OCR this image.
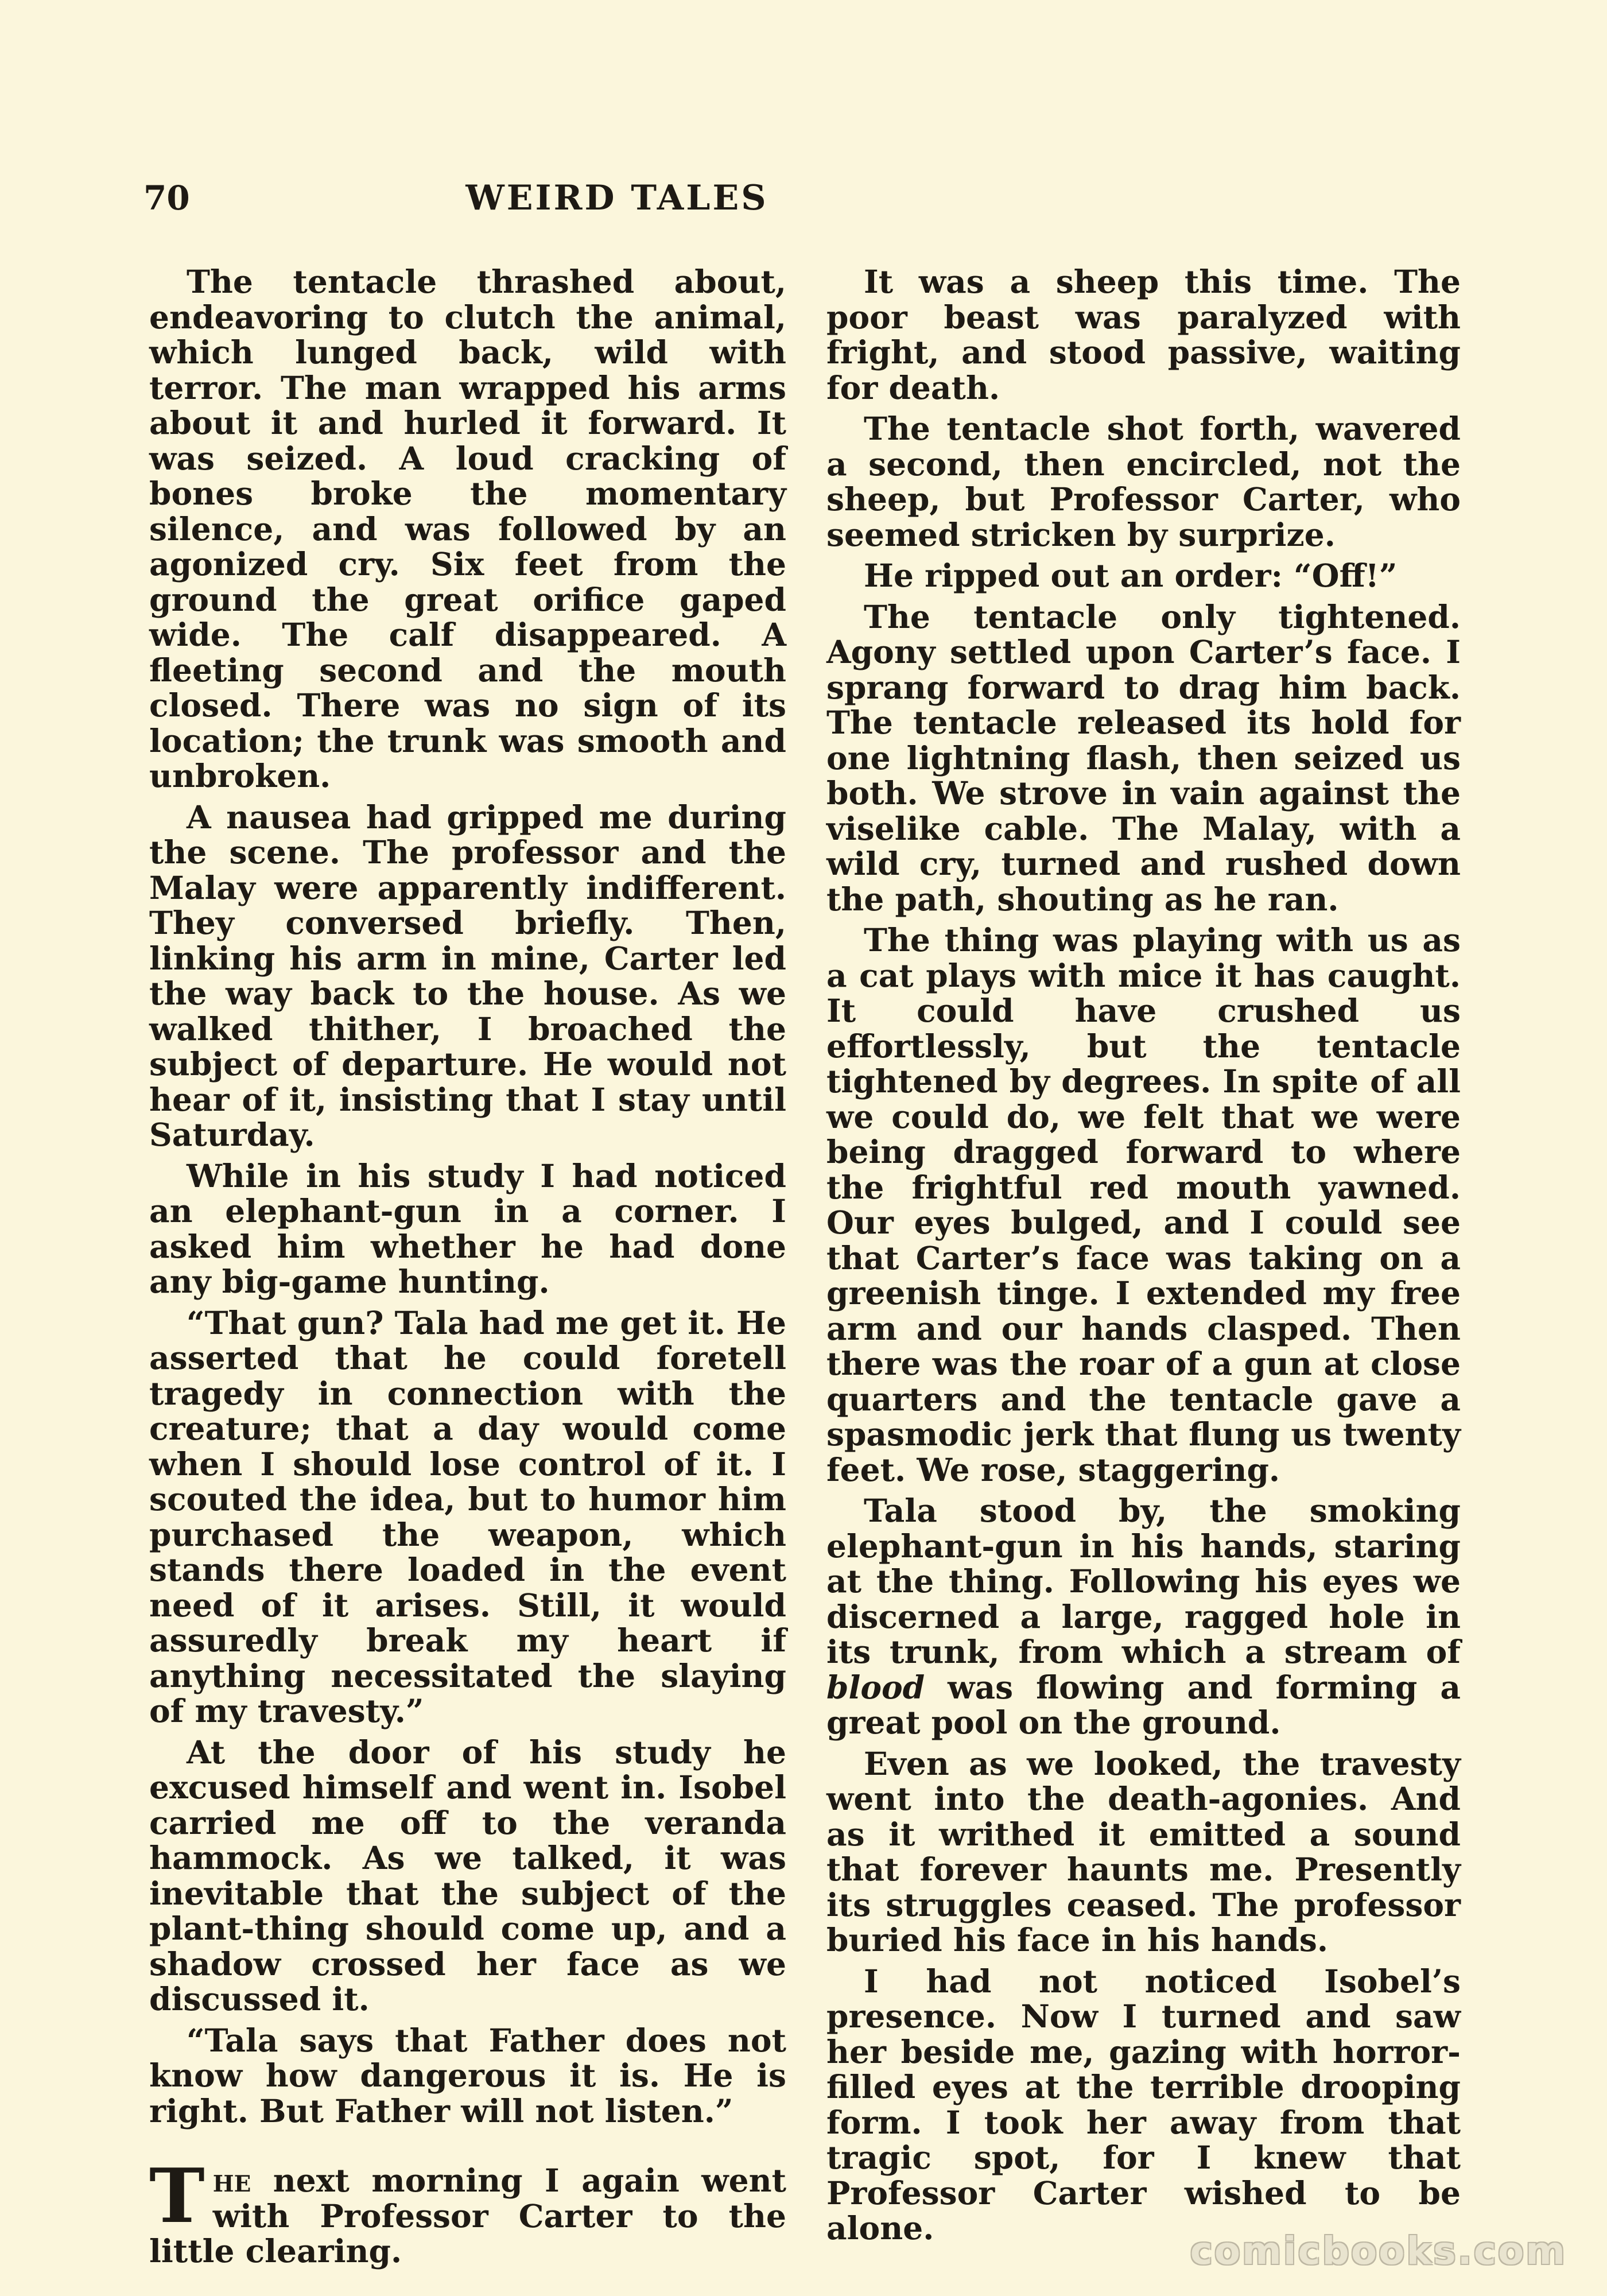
70	WEIRD TALES

The tentacle thrashed about, endeavoring to clutch the animal, which lunged back, wild with terror. The man wrapped his arms about it and hurled it forward. It was seized. A loud cracking of bones broke the momentary silence, and was followed by an agonized cry. Six feet from the ground the great orifice gaped wide. The calf disappeared. A fleeting second and the mouth closed. There was no sign of its location; the trunk was smooth and unbroken.

A nausea had gripped me during the scene. The professor and the Malay were apparently indifferent. They conversed briefly. Then, linking his arm in mine, Carter led the way back to the house. As we walked thither, I broached the subject of departure. He would not hear of it, insisting that I stay until Saturday.

While in his study I had noticed an elephant-gun in a corner. I asked him whether he had done any big-game hunting.

“That gun? Tala had me get it. He asserted that he could foretell tragedy in connection with the creature; that a day would come when I should lose control of it. I scouted the idea, but to humor him purchased the weapon, which stands there loaded in the event need of it arises. Still, it would assuredly break my heart if anything necessitated the slaying of my travesty.”

At the door of his study he excused himself and went in. Isobel carried me off to the veranda hammock. As we talked, it was inevitable that the subject of the plant-thing should come up, and a shadow crossed her face as we discussed it.

“Tala says that Father does not know how dangerous it is. He is right. But Father will not listen.”

The next morning I again went with Professor Carter to the little clearing.

It was a sheep this time. The poor beast was paralyzed with fright, and stood passive, waiting for death.

The tentacle shot forth, wavered a second, then encircled, not the sheep, but Professor Carter, who seemed stricken by surprize.

He ripped out an order: “Off!”

The tentacle only tightened. Agony settled upon Carter’s face. I sprang forward to drag him back. The tentacle released its hold for one lightning flash, then seized us both. We strove in vain against the viselike cable. The Malay, with a wild cry, turned and rushed down the path, shouting as he ran.

The thing was playing with us as a cat plays with mice it has caught. It could have crushed us effortlessly, but the tentacle tightened by degrees. In spite of all we could do, we felt that we were being dragged forward to where the frightful red mouth yawned. Our eyes bulged, and I could see that Carter’s face was taking on a greenish tinge. I extended my free arm and our hands clasped. Then there was the roar of a gun at close quarters and the tentacle gave a spasmodic jerk that flung us twenty feet. We rose, staggering.

Tala stood by, the smoking elephant-gun in his hands, staring at the thing. Following his eyes we discerned a large, ragged hole in its trunk, from which a stream of blood was flowing and forming a great pool on the ground.

Even as we looked, the travesty went into the death-agonies. And as it writhed it emitted a sound that forever haunts me. Presently its struggles ceased. The professor buried his face in his hands.

I had not noticed Isobel’s presence. Now I turned and saw her beside me, gazing with horror-filled eyes at the terrible drooping form. I took her away from that tragic spot, for I knew that Professor Carter wished to be alone.

comicbooks.com
